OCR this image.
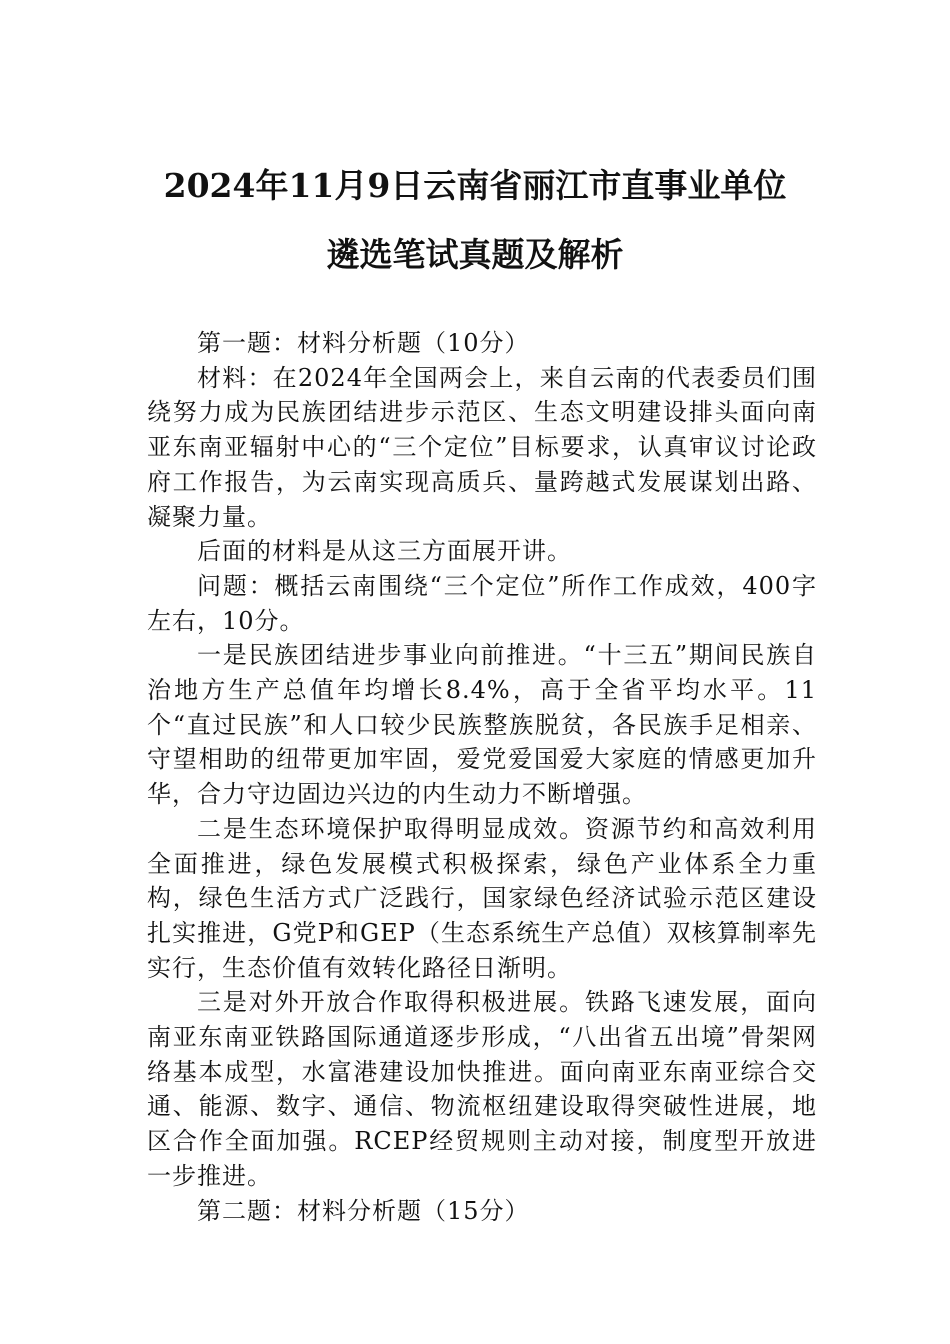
2024年11月9日云南省丽江市直事业单位
遴选笔试真题及解析

第一题：材料分析题（10分）

材料：在2024年全国两会上，来自云南的代表委员们围绕努力成为民族团结进步示范区、生态文明建设排头面向南亚东南亚辐射中心的“三个定位”目标要求，认真审议讨论政府工作报告，为云南实现高质兵、量跨越式发展谋划出路、凝聚力量。

后面的材料是从这三方面展开讲。

问题：概括云南围绕“三个定位”所作工作成效，400字左右，10分。

一是民族团结进步事业向前推进。“十三五”期间民族自治地方生产总值年均增长8.4%，高于全省平均水平。11个“直过民族”和人口较少民族整族脱贫，各民族手足相亲、守望相助的纽带更加牢固，爱党爱国爱大家庭的情感更加升华，合力守边固边兴边的内生动力不断增强。

二是生态环境保护取得明显成效。资源节约和高效利用全面推进，绿色发展模式积极探索，绿色产业体系全力重构，绿色生活方式广泛践行，国家绿色经济试验示范区建设扎实推进，G党P和GEP（生态系统生产总值）双核算制率先实行，生态价值有效转化路径日渐明。

三是对外开放合作取得积极进展。铁路飞速发展，面向南亚东南亚铁路国际通道逐步形成，“八出省五出境”骨架网络基本成型，水富港建设加快推进。面向南亚东南亚综合交通、能源、数字、通信、物流枢纽建设取得突破性进展，地区合作全面加强。RCEP经贸规则主动对接，制度型开放进一步推进。

第二题：材料分析题（15分）
